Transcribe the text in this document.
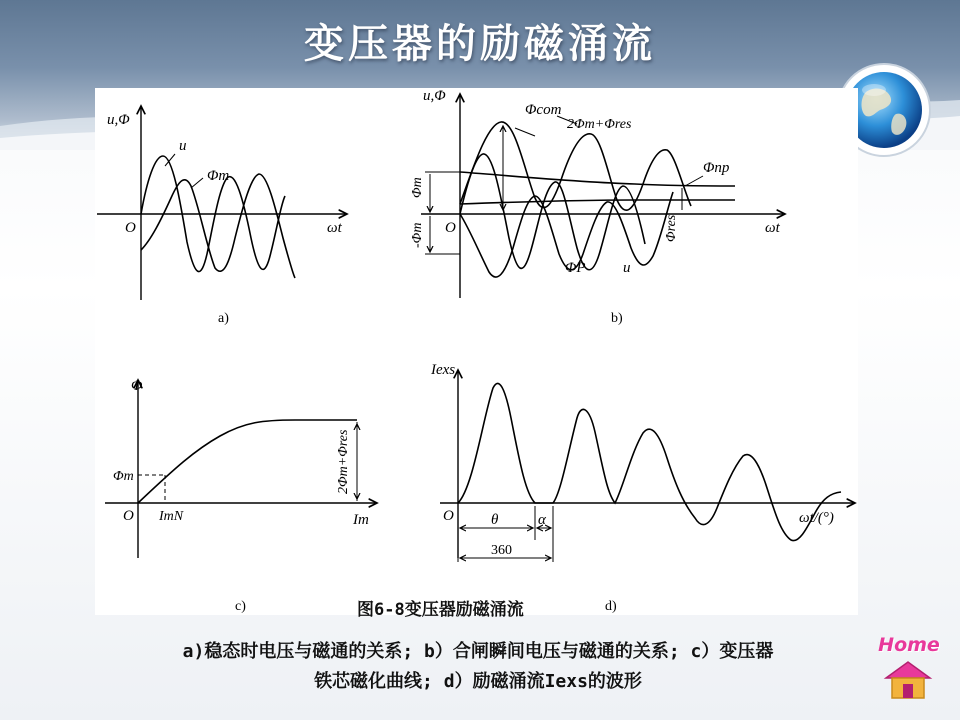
变压器的励磁涌流
u,Φ
ωt
O
u
Φm
a)
u,Φ
ωt
O
Φcom
2Φm+Φres
Φnp
Φm
-Φm	Φres
ΦP u
b)
Φ
Φm
O ImN	Im
2Φm+Φres
c)
Iexs
O θ	α
360
ωt/(°)
d)
图6-8变压器励磁涌流
a)稳态时电压与磁通的关系; b）合闸瞬间电压与磁通的关系; c）变压器
铁芯磁化曲线; d）励磁涌流Iexs的波形
Home
